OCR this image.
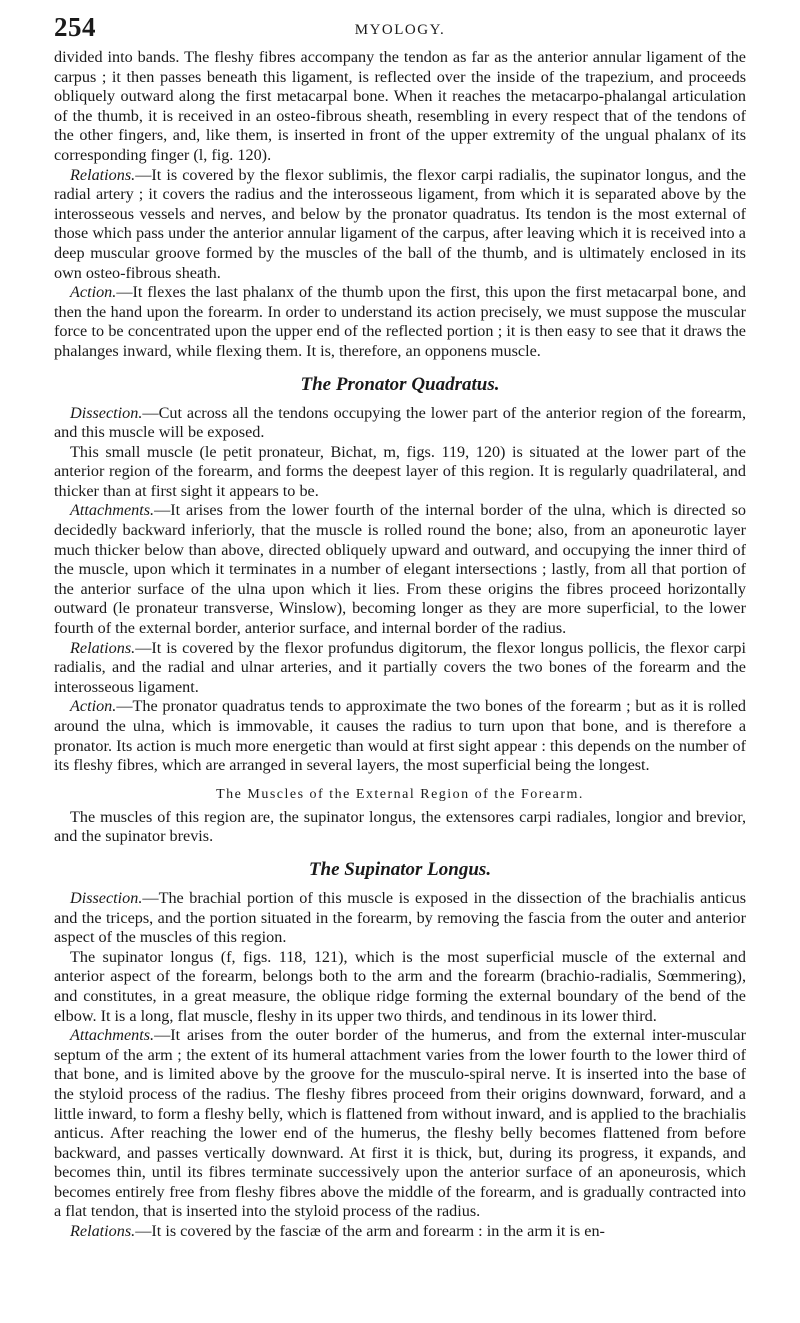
254	MYOLOGY.

divided into bands. The fleshy fibres accompany the tendon as far as the anterior annular ligament of the carpus ; it then passes beneath this ligament, is reflected over the inside of the trapezium, and proceeds obliquely outward along the first metacarpal bone. When it reaches the metacarpo-phalangal articulation of the thumb, it is received in an osteo-fibrous sheath, resembling in every respect that of the tendons of the other fingers, and, like them, is inserted in front of the upper extremity of the ungual phalanx of its corresponding finger (l, fig. 120).

Relations.—It is covered by the flexor sublimis, the flexor carpi radialis, the supinator longus, and the radial artery ; it covers the radius and the interosseous ligament, from which it is separated above by the interosseous vessels and nerves, and below by the pronator quadratus. Its tendon is the most external of those which pass under the anterior annular ligament of the carpus, after leaving which it is received into a deep muscular groove formed by the muscles of the ball of the thumb, and is ultimately enclosed in its own osteo-fibrous sheath.

Action.—It flexes the last phalanx of the thumb upon the first, this upon the first metacarpal bone, and then the hand upon the forearm. In order to understand its action precisely, we must suppose the muscular force to be concentrated upon the upper end of the reflected portion ; it is then easy to see that it draws the phalanges inward, while flexing them. It is, therefore, an opponens muscle.

The Pronator Quadratus.

Dissection.—Cut across all the tendons occupying the lower part of the anterior region of the forearm, and this muscle will be exposed.

This small muscle (le petit pronateur, Bichat, m, figs. 119, 120) is situated at the lower part of the anterior region of the forearm, and forms the deepest layer of this region. It is regularly quadrilateral, and thicker than at first sight it appears to be.

Attachments.—It arises from the lower fourth of the internal border of the ulna, which is directed so decidedly backward inferiorly, that the muscle is rolled round the bone; also, from an aponeurotic layer much thicker below than above, directed obliquely upward and outward, and occupying the inner third of the muscle, upon which it terminates in a number of elegant intersections ; lastly, from all that portion of the anterior surface of the ulna upon which it lies. From these origins the fibres proceed horizontally outward (le pronateur transverse, Winslow), becoming longer as they are more superficial, to the lower fourth of the external border, anterior surface, and internal border of the radius.

Relations.—It is covered by the flexor profundus digitorum, the flexor longus pollicis, the flexor carpi radialis, and the radial and ulnar arteries, and it partially covers the two bones of the forearm and the interosseous ligament.

Action.—The pronator quadratus tends to approximate the two bones of the forearm ; but as it is rolled around the ulna, which is immovable, it causes the radius to turn upon that bone, and is therefore a pronator. Its action is much more energetic than would at first sight appear : this depends on the number of its fleshy fibres, which are arranged in several layers, the most superficial being the longest.

The Muscles of the External Region of the Forearm.

The muscles of this region are, the supinator longus, the extensores carpi radiales, longior and brevior, and the supinator brevis.

The Supinator Longus.

Dissection.—The brachial portion of this muscle is exposed in the dissection of the brachialis anticus and the triceps, and the portion situated in the forearm, by removing the fascia from the outer and anterior aspect of the muscles of this region.

The supinator longus (f, figs. 118, 121), which is the most superficial muscle of the external and anterior aspect of the forearm, belongs both to the arm and the forearm (brachio-radialis, Sœmmering), and constitutes, in a great measure, the oblique ridge forming the external boundary of the bend of the elbow. It is a long, flat muscle, fleshy in its upper two thirds, and tendinous in its lower third.

Attachments.—It arises from the outer border of the humerus, and from the external inter-muscular septum of the arm ; the extent of its humeral attachment varies from the lower fourth to the lower third of that bone, and is limited above by the groove for the musculo-spiral nerve. It is inserted into the base of the styloid process of the radius. The fleshy fibres proceed from their origins downward, forward, and a little inward, to form a fleshy belly, which is flattened from without inward, and is applied to the brachialis anticus. After reaching the lower end of the humerus, the fleshy belly becomes flattened from before backward, and passes vertically downward. At first it is thick, but, during its progress, it expands, and becomes thin, until its fibres terminate successively upon the anterior surface of an aponeurosis, which becomes entirely free from fleshy fibres above the middle of the forearm, and is gradually contracted into a flat tendon, that is inserted into the styloid process of the radius.

Relations.—It is covered by the fasciæ of the arm and forearm : in the arm it is en-
